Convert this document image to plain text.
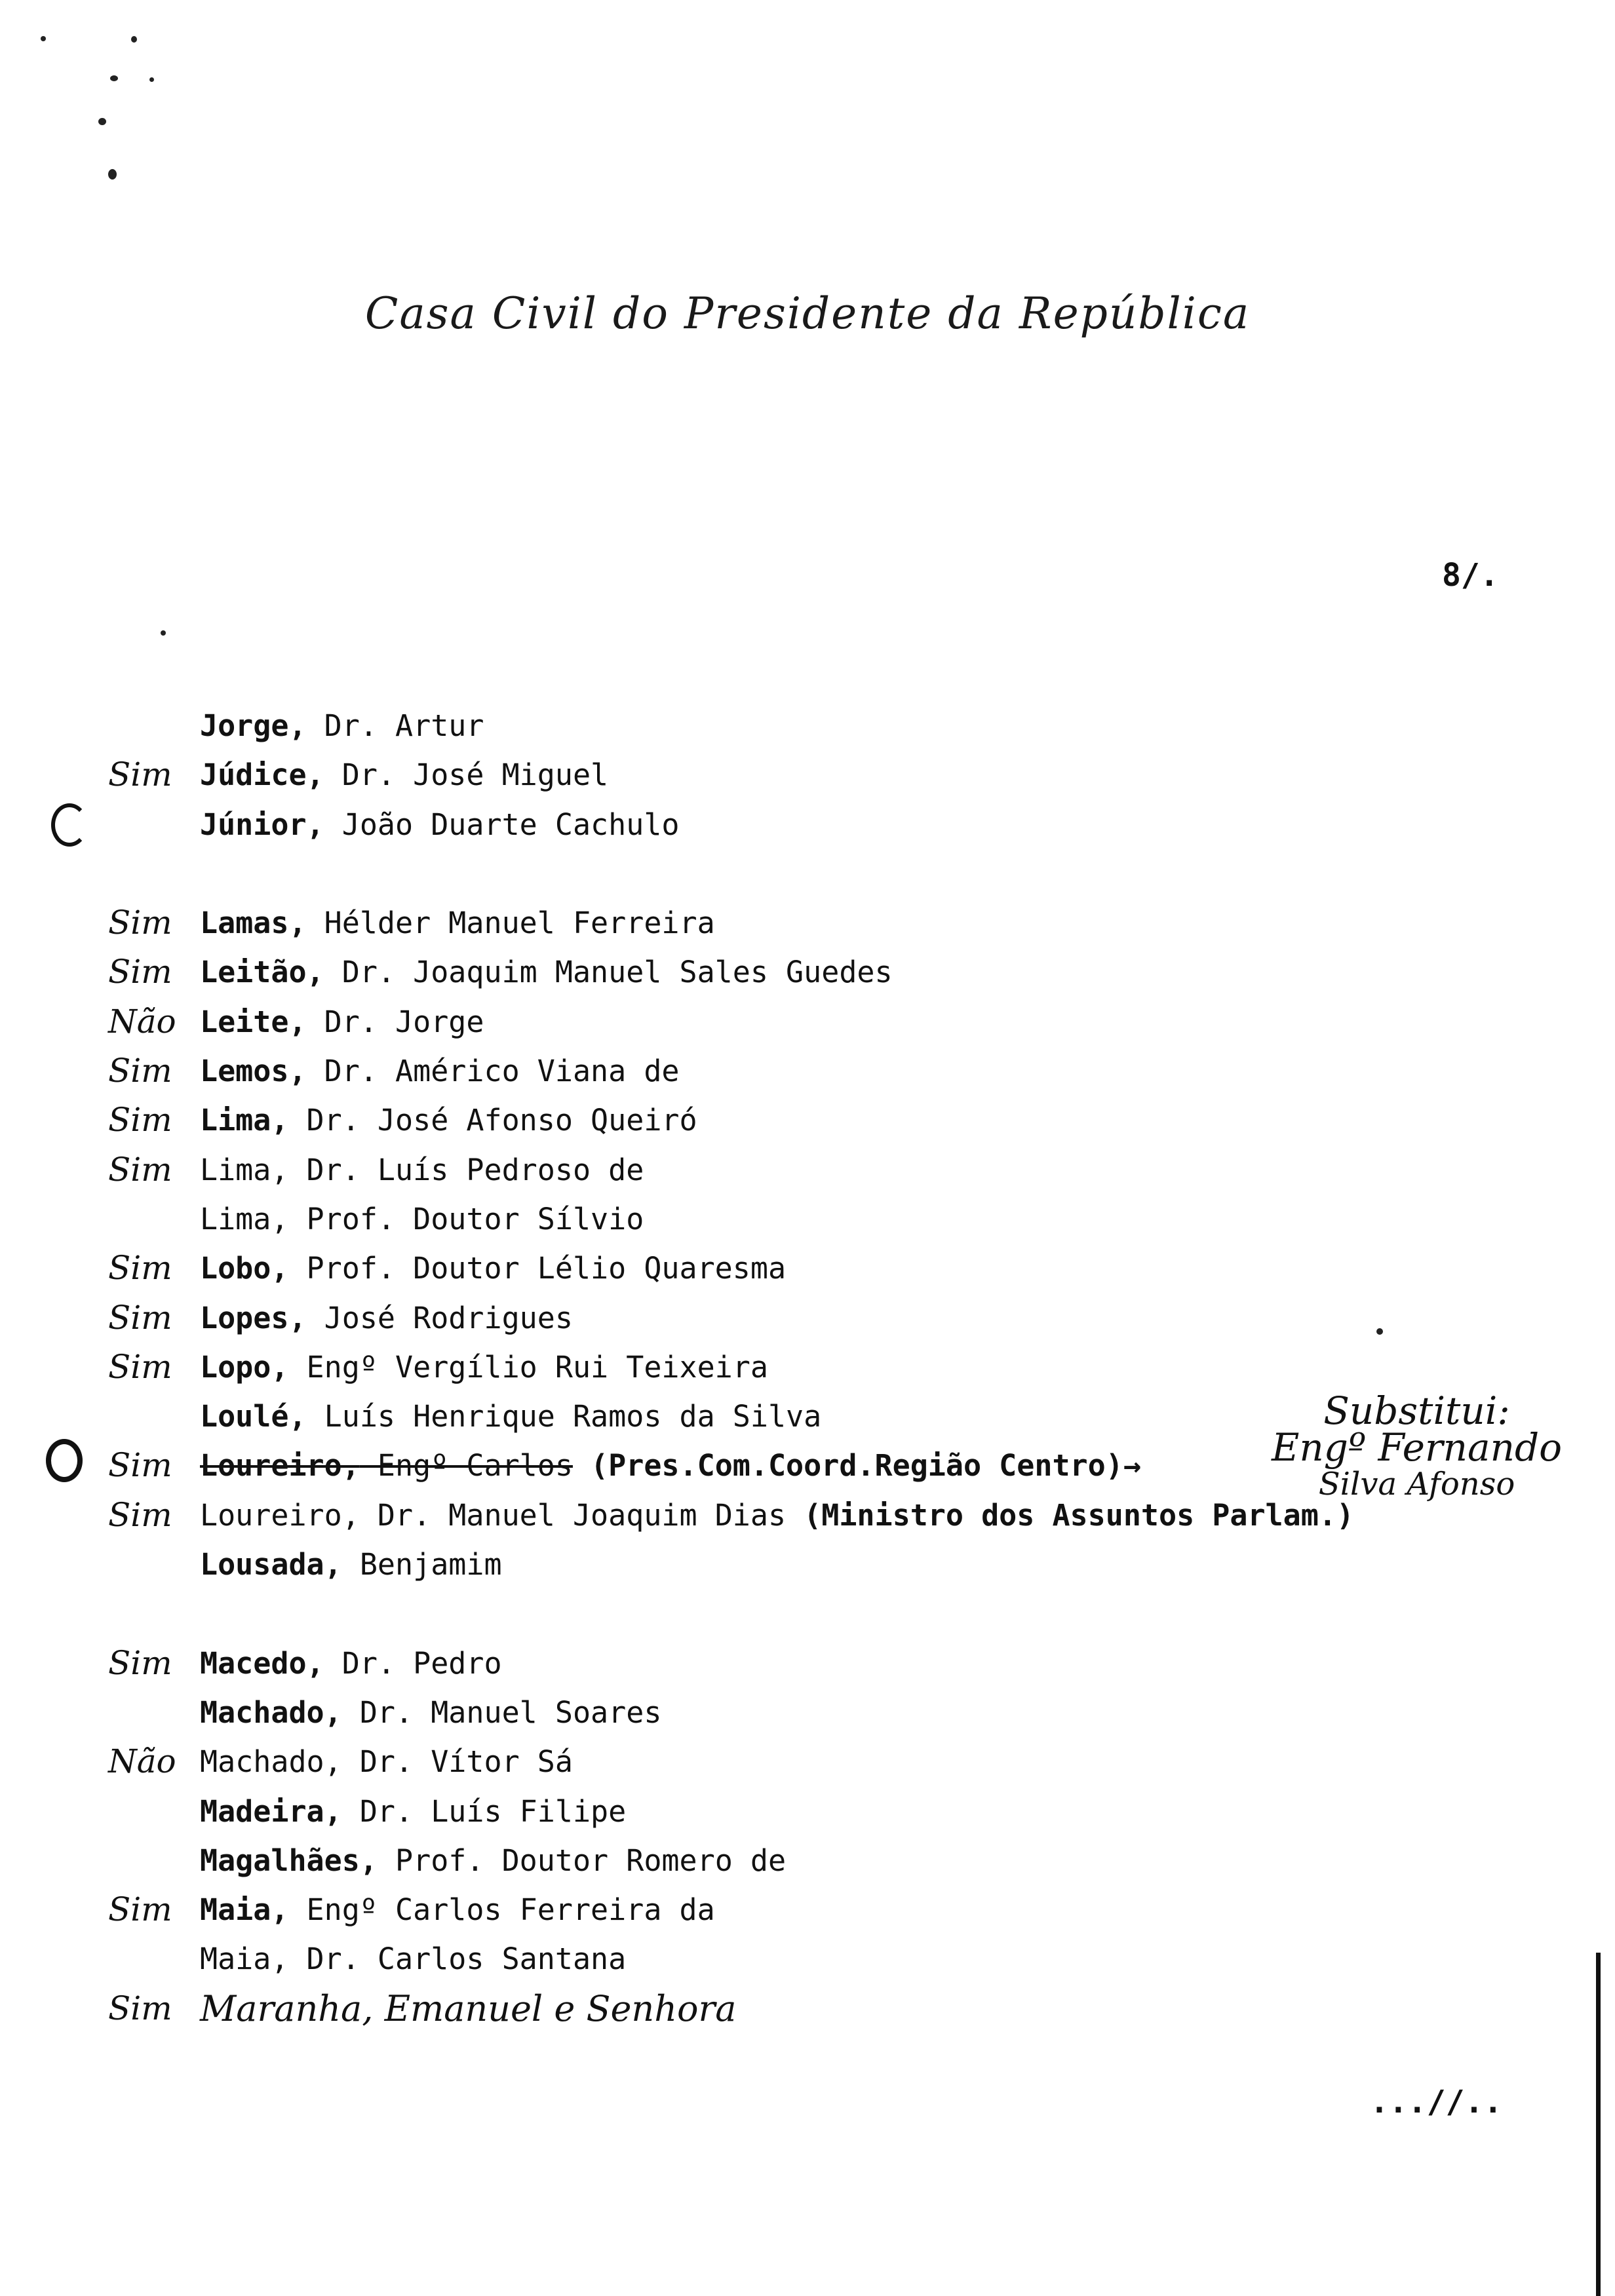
Casa Civil do Presidente da República
8/.
Jorge, Dr. Artur
Sim Júdice, Dr. José Miguel
Júnior, João Duarte Cachulo
Sim Lamas, Hélder Manuel Ferreira
Sim Leitão, Dr. Joaquim Manuel Sales Guedes
Não Leite, Dr. Jorge
Sim Lemos, Dr. Américo Viana de
Sim Lima, Dr. José Afonso Queiró
Sim Lima, Dr. Luís Pedroso de
Lima, Prof. Doutor Sílvio
Sim Lobo, Prof. Doutor Lélio Quaresma
Sim Lopes, José Rodrigues
Sim Lopo, Engº Vergílio Rui Teixeira
Loulé, Luís Henrique Ramos da Silva
Sim Loureiro, Engº Carlos (Pres.Com.Coord.Região Centro)→
Sim Loureiro, Dr. Manuel Joaquim Dias (Ministro dos Assuntos Parlam.)
Lousada, Benjamim
Sim Macedo, Dr. Pedro
Machado, Dr. Manuel Soares
Não Machado, Dr. Vítor Sá
Madeira, Dr. Luís Filipe
Magalhães, Prof. Doutor Romero de
Sim Maia, Engº Carlos Ferreira da
Maia, Dr. Carlos Santana
Sim Maranha, Emanuel e Senhora
Substitui:
Engº Fernando
Silva Afonso
...//..
